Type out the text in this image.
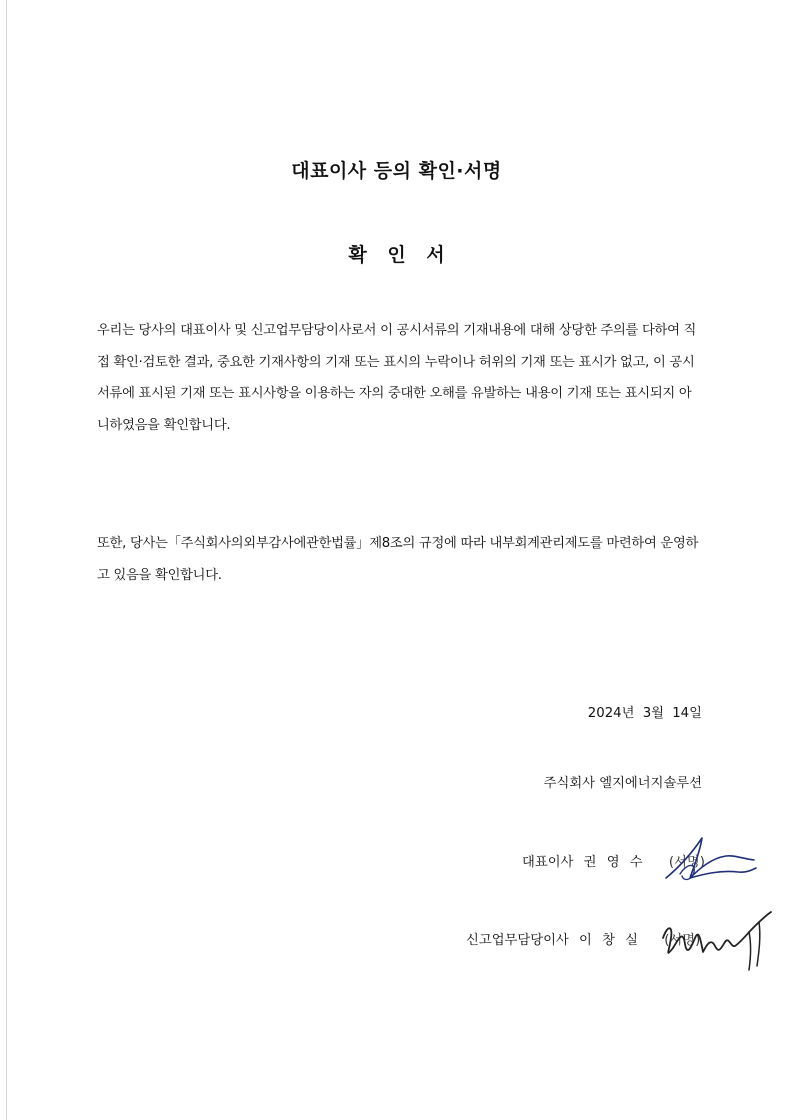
대표이사 등의 확인·서명
확 인 서

우리는 당사의 대표이사 및 신고업무담당이사로서 이 공시서류의 기재내용에 대해 상당한 주의를 다하여 직접 확인·검토한 결과, 중요한 기재사항의 기재 또는 표시의 누락이나 허위의 기재 또는 표시가 없고, 이 공시서류에 표시된 기재 또는 표시사항을 이용하는 자의 중대한 오해를 유발하는 내용이 기재 또는 표시되지 아니하였음을 확인합니다.

또한, 당사는「주식회사의외부감사에관한법률」제8조의 규정에 따라 내부회계관리제도를 마련하여 운영하고 있음을 확인합니다.

2024년 3월 14일
주식회사 엘지에너지솔루션
대표이사 권 영 수 (서명)
신고업무담당이사 이 창 실 (서명)
